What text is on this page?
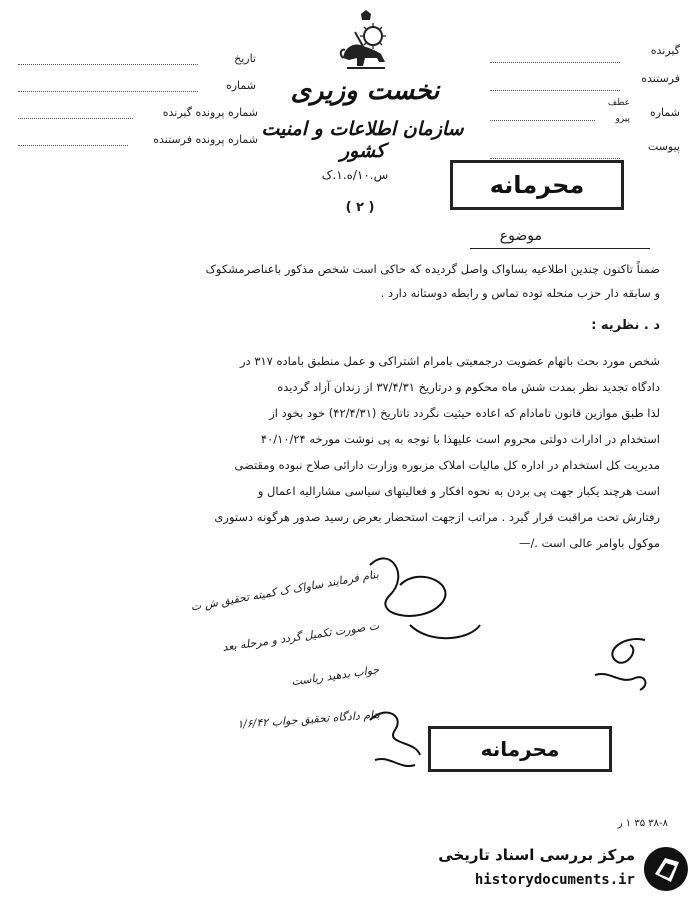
تاریخ
شماره
شماره پرونده گیرنده
شماره پرونده فرستنده
نخست وزیری
سازمان اطلاعات و امنیت کشور
س.۱۰/ه.۱.ک
( ۲ )
گیرنده
فرستنده
شماره
عطف
پیرو
پیوست
محرمانه
موضوع
ضمناً تاکنون چندین اطلاعیه بساواک واصل گردیده که حاکی است شخص مذکور باعناصرمشکوک
و سابقه دار حزب منحله توده تماس و رابطه دوستانه دارد .
د . نظریه :
شخص مورد بحث باتهام عضویت درجمعیتی بامرام اشتراکی و عمل منطبق باماده ۳۱۷ در
دادگاه تجدید نظر بمدت شش ماه محکوم و درتاریخ ۳۷/۴/۳۱ از زندان آزاد گردیده
لذا طبق موازین قانون تامادام که اعاده حیثیت نگردد تاتاریخ (۴۲/۴/۳۱) خود بخود از
استخدام در ادارات دولتی محروم است علیهذا با توجه به پی نوشت مورخه ۴۰/۱۰/۲۴
مدیریت کل استخدام در اداره کل مالیات املاک مزبوره وزارت دارائی صلاح نبوده ومقتضی
است هرچند یکبار جهت پی بردن به نحوه افکار و فعالیتهای سیاسی مشارالیه اعمال و
رفتارش تحت مراقبت قرار گیرد . مراتب ازجهت استحضار بعرض رسید صدور هرگونه دستوری
موکول باوامر عالی است ./—
بنام فرمایند ساواک ک کمیته تحقیق ش ت
ت صورت تکمیل گردد و مرحله بعد
جواب بدهید ریاست
بنام دادگاه تحقیق جواب ۱/۶/۴۲
محرمانه
۳۸-۸ ۳۵ ۱ ر
مرکز بررسی اسناد تاریخی
historydocuments.ir
